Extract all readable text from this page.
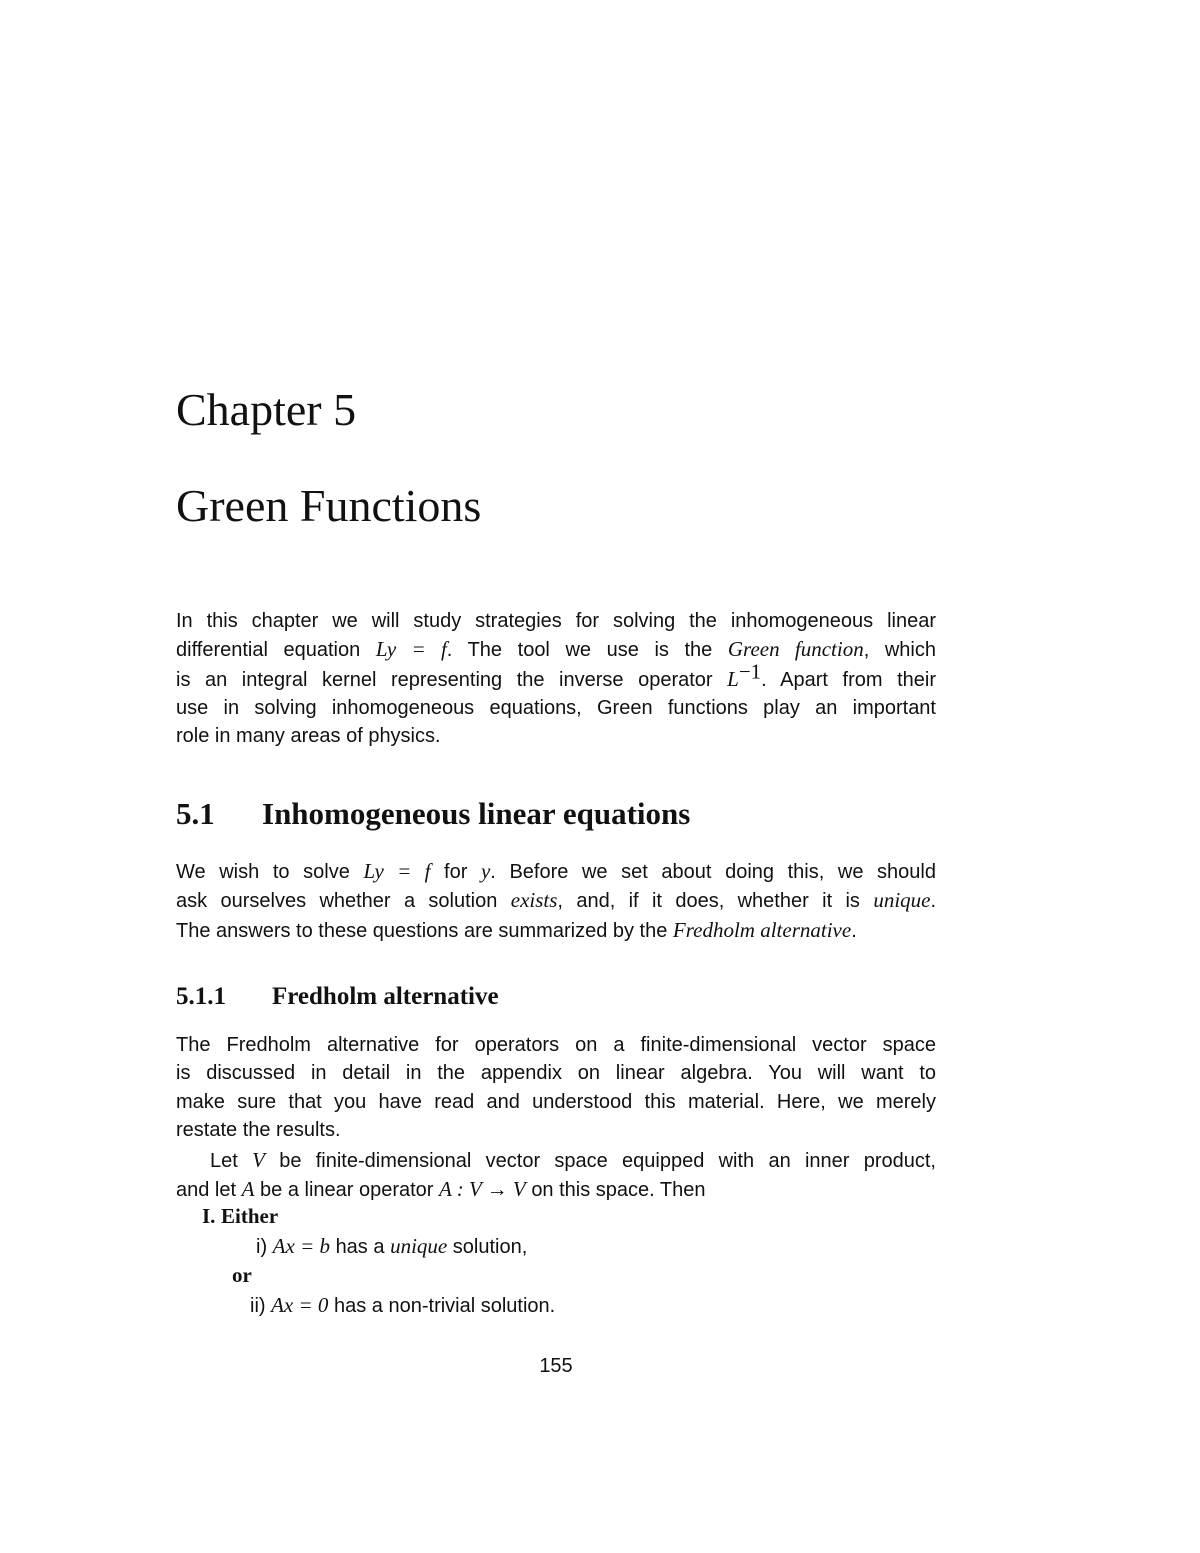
Chapter 5
Green Functions
In this chapter we will study strategies for solving the inhomogeneous linear
differential equation Ly = f. The tool we use is the Green function, which
is an integral kernel representing the inverse operator $L^{-1}$. Apart from their
use in solving inhomogeneous equations, Green functions play an important
role in many areas of physics.
5.1 Inhomogeneous linear equations
We wish to solve Ly = f for y. Before we set about doing this, we should
ask ourselves whether a solution exists, and, if it does, whether it is unique.
The answers to these questions are summarized by the Fredholm alternative.
5.1.1 Fredholm alternative
The Fredholm alternative for operators on a finite-dimensional vector space
is discussed in detail in the appendix on linear algebra. You will want to
make sure that you have read and understood this material. Here, we merely
restate the results.
Let V be finite-dimensional vector space equipped with an inner product,
and let A be a linear operator A : V → V on this space. Then
I. Either
i) Ax = b has a unique solution,
or
ii) Ax = 0 has a non-trivial solution.
155
